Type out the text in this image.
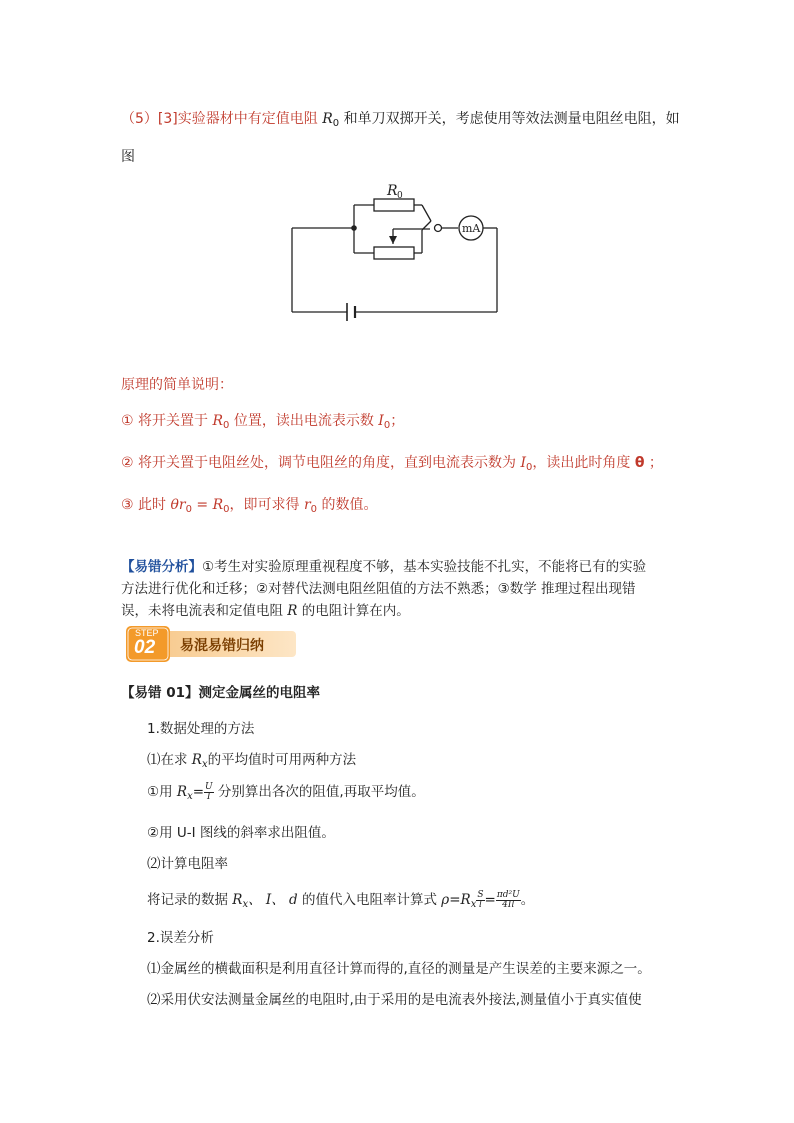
（5）[3]实验器材中有定值电阻 $R_0$ 和单刀双掷开关，考虑使用等效法测量电阻丝电阻，如
图
R 0
mA
原理的简单说明：
① 将开关置于 $R_0$ 位置，读出电流表示数 $I_0$；
② 将开关置于电阻丝处，调节电阻丝的角度，直到电流表示数为 $I_0$，读出此时角度 θ ；
③ 此时 $\theta r_0 = R_0$，即可求得 $r_0$ 的数值。
【易错分析】①考生对实验原理重视程度不够，基本实验技能不扎实，不能将已有的实验
方法进行优化和迁移；②对替代法测电阻丝阻值的方法不熟悉；③数学 推理过程出现错
误，未将电流表和定值电阻 R 的电阻计算在内。
STEP
02 易混易错归纳
【易错 01】测定金属丝的电阻率
1.数据处理的方法
⑴在求 $R_x$的平均值时可用两种方法
①用 $R_x= \frac{U}{I}$ 分别算出各次的阻值,再取平均值。
②用 U-I 图线的斜率求出阻值。
⑵计算电阻率
将记录的数据 $R_x$、 I、 d 的值代入电阻率计算式 $\rho=R_x \frac{S}{l} = \frac{\text{πd²U}}{4Il}$ 。
2.误差分析
⑴金属丝的横截面积是利用直径计算而得的,直径的测量是产生误差的主要来源之一。
⑵采用伏安法测量金属丝的电阻时,由于采用的是电流表外接法,测量值小于真实值使
